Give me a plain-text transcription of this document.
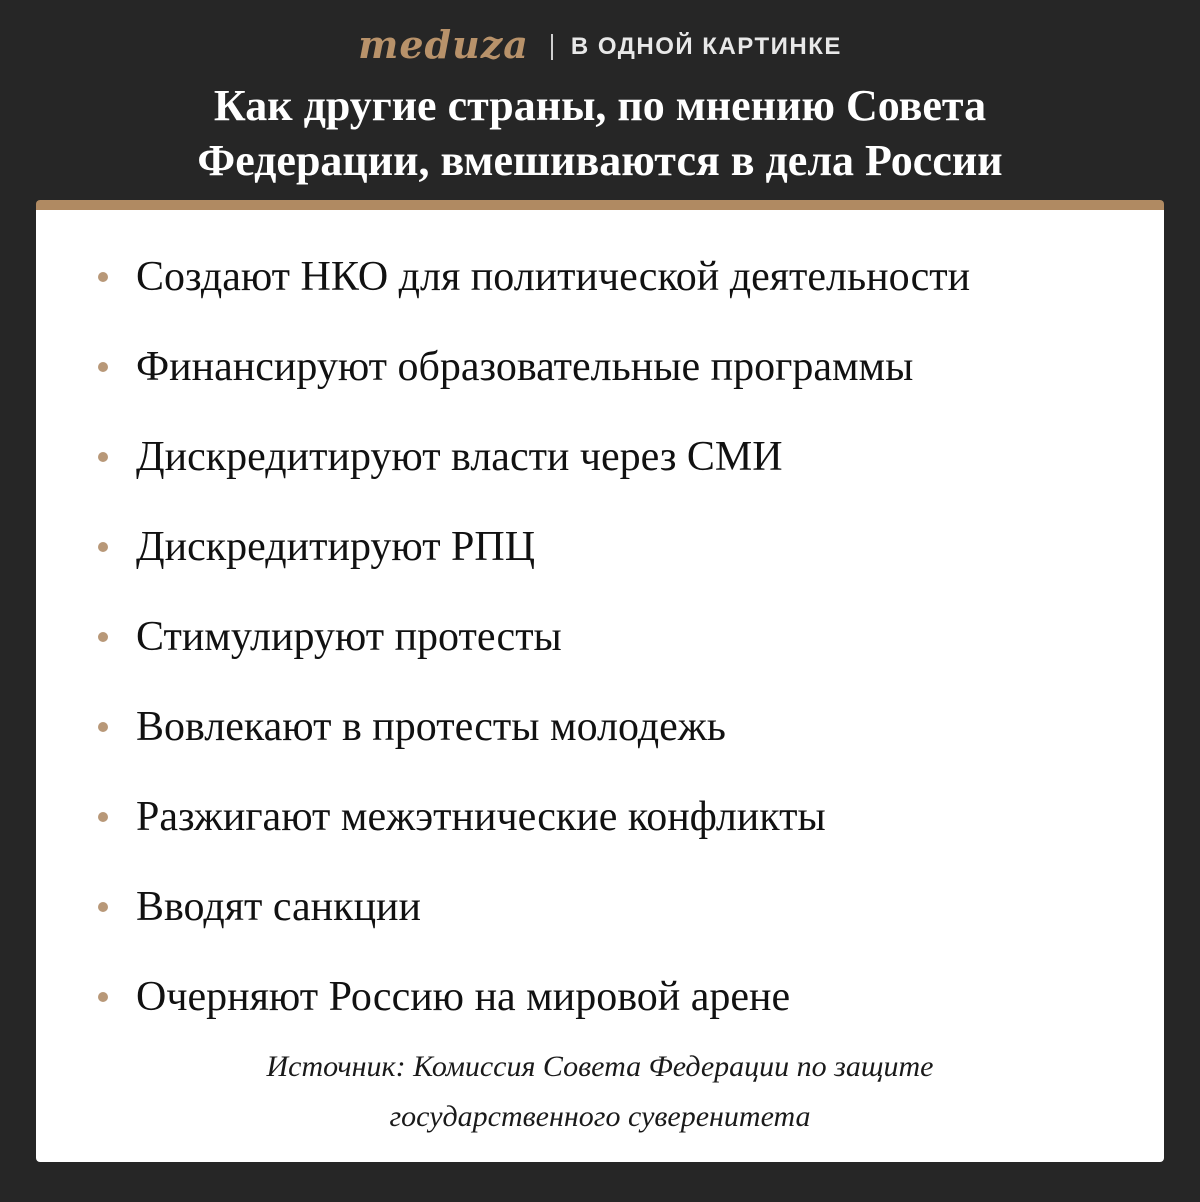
meduza В ОДНОЙ КАРТИНКЕ
Как другие страны, по мнению Совета
Федерации, вмешиваются в дела России
Создают НКО для политической деятельности
Финансируют образовательные программы
Дискредитируют власти через СМИ
Дискредитируют РПЦ
Стимулируют протесты
Вовлекают в протесты молодежь
Разжигают межэтнические конфликты
Вводят санкции
Очерняют Россию на мировой арене
Источник: Комиссия Совета Федерации по защите
государственного суверенитета
